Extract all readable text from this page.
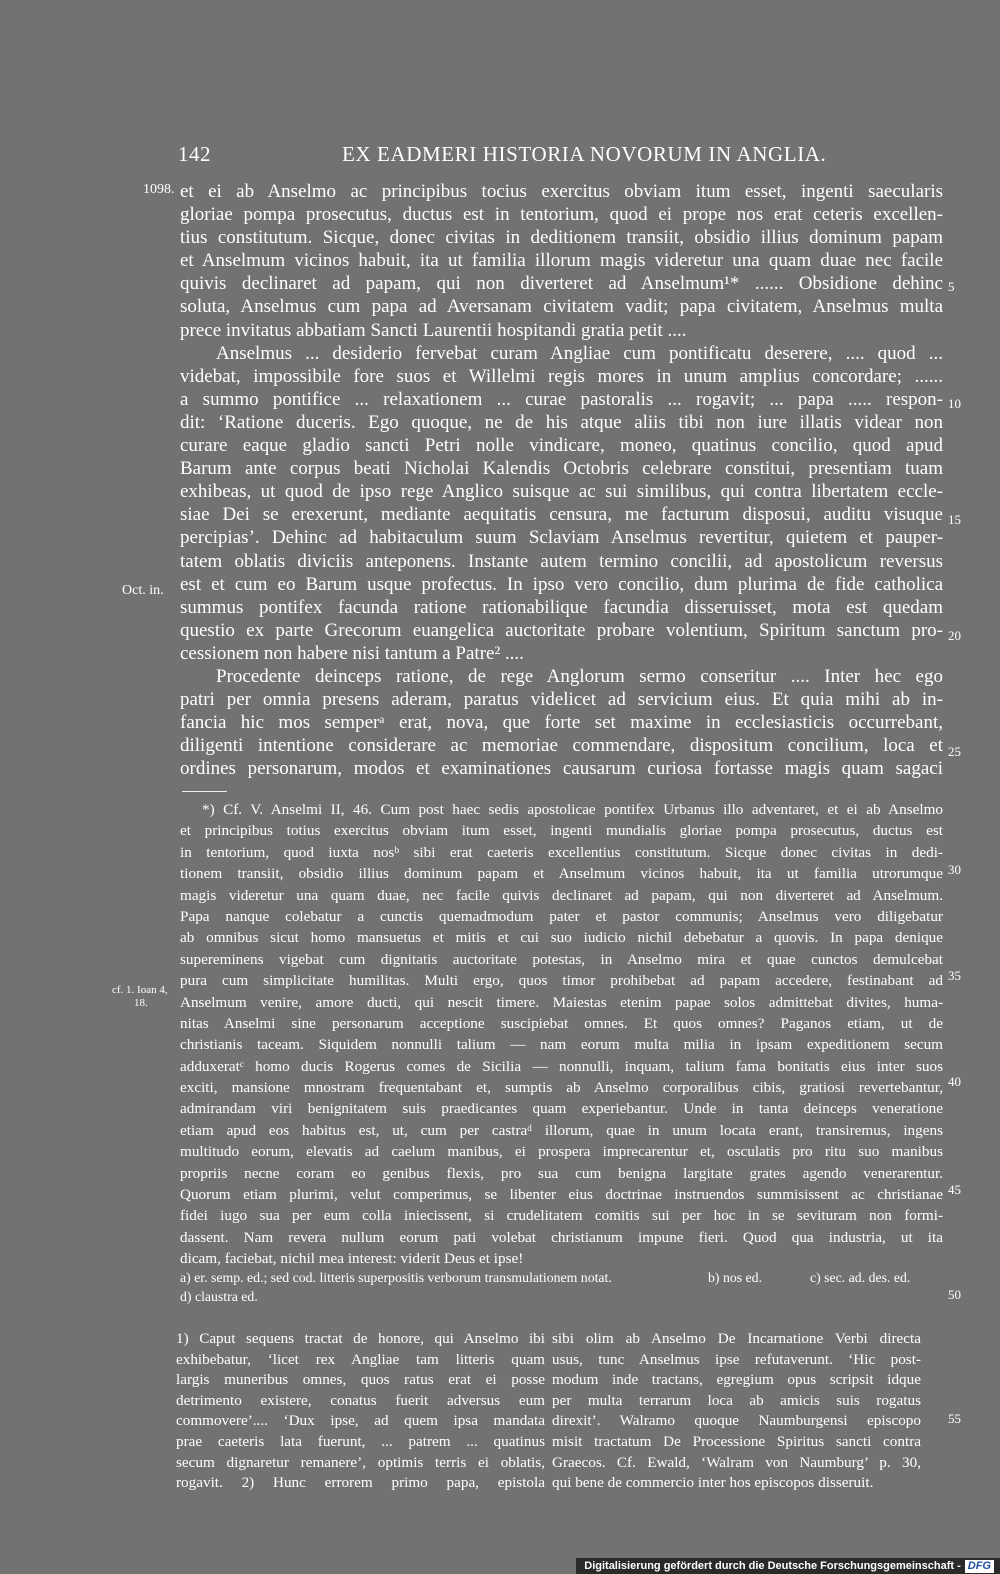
142	EX EADMERI HISTORIA NOVORUM IN ANGLIA.
1098.
Oct. in.
cf. 1. Ioan 4,
18.
et ei ab Anselmo ac principibus tocius exercitus obviam itum esset, ingenti saecularis
gloriae pompa prosecutus, ductus est in tentorium, quod ei prope nos erat ceteris excellen-
tius constitutum. Sicque, donec civitas in deditionem transiit, obsidio illius dominum papam
et Anselmum vicinos habuit, ita ut familia illorum magis videretur una quam duae nec facile
quivis declinaret ad papam, qui non diverteret ad Anselmum¹* ...... Obsidione dehinc
soluta, Anselmus cum papa ad Aversanam civitatem vadit; papa civitatem, Anselmus multa
prece invitatus abbatiam Sancti Laurentii hospitandi gratia petit ....
Anselmus ... desiderio fervebat curam Angliae cum pontificatu deserere, .... quod ...
videbat, impossibile fore suos et Willelmi regis mores in unum amplius concordare; ......
a summo pontifice ... relaxationem ... curae pastoralis ... rogavit; ... papa ..... respon-
dit: ‘Ratione duceris. Ego quoque, ne de his atque aliis tibi non iure illatis videar non
curare eaque gladio sancti Petri nolle vindicare, moneo, quatinus concilio, quod apud
Barum ante corpus beati Nicholai Kalendis Octobris celebrare constitui, presentiam tuam
exhibeas, ut quod de ipso rege Anglico suisque ac sui similibus, qui contra libertatem eccle-
siae Dei se erexerunt, mediante aequitatis censura, me facturum disposui, auditu visuque
percipias’. Dehinc ad habitaculum suum Sclaviam Anselmus revertitur, quietem et pauper-
tatem oblatis diviciis anteponens. Instante autem termino concilii, ad apostolicum reversus
est et cum eo Barum usque profectus. In ipso vero concilio, dum plurima de fide catholica
summus pontifex facunda ratione rationabilique facundia disseruisset, mota est quedam
questio ex parte Grecorum euangelica auctoritate probare volentium, Spiritum sanctum pro-
cessionem non habere nisi tantum a Patre² ....
Procedente deinceps ratione, de rege Anglorum sermo conseritur .... Inter hec ego
patri per omnia presens aderam, paratus videlicet ad servicium eius. Et quia mihi ab in-
fancia hic mos semperᵃ erat, nova, que forte set maxime in ecclesiasticis occurrebant,
diligenti intentione considerare ac memoriae commendare, dispositum concilium, loca et
ordines personarum, modos et examinationes causarum curiosa fortasse magis quam sagaci
*) Cf. V. Anselmi II, 46. Cum post haec sedis apostolicae pontifex Urbanus illo adventaret, et ei ab Anselmo
et principibus totius exercitus obviam itum esset, ingenti mundialis gloriae pompa prosecutus, ductus est
in tentorium, quod iuxta nosᵇ sibi erat caeteris excellentius constitutum. Sicque donec civitas in dedi-
tionem transiit, obsidio illius dominum papam et Anselmum vicinos habuit, ita ut familia utrorumque
magis videretur una quam duae, nec facile quivis declinaret ad papam, qui non diverteret ad Anselmum.
Papa nanque colebatur a cunctis quemadmodum pater et pastor communis; Anselmus vero diligebatur
ab omnibus sicut homo mansuetus et mitis et cui suo iudicio nichil debebatur a quovis. In papa denique
supereminens vigebat cum dignitatis auctoritate potestas, in Anselmo mira et quae cunctos demulcebat
pura cum simplicitate humilitas. Multi ergo, quos timor prohibebat ad papam accedere, festinabant ad
Anselmum venire, amore ducti, qui nescit timere. Maiestas etenim papae solos admittebat divites, huma-
nitas Anselmi sine personarum acceptione suscipiebat omnes. Et quos omnes? Paganos etiam, ut de
christianis taceam. Siquidem nonnulli talium — nam eorum multa milia in ipsam expeditionem secum
adduxeratᶜ homo ducis Rogerus comes de Sicilia — nonnulli, inquam, talium fama bonitatis eius inter suos
exciti, mansione mnostram frequentabant et, sumptis ab Anselmo corporalibus cibis, gratiosi revertebantur,
admirandam viri benignitatem suis praedicantes quam experiebantur. Unde in tanta deinceps veneratione
etiam apud eos habitus est, ut, cum per castraᵈ illorum, quae in unum locata erant, transiremus, ingens
multitudo eorum, elevatis ad caelum manibus, ei prospera imprecarentur et, osculatis pro ritu suo manibus
propriis necne coram eo genibus flexis, pro sua cum benigna largitate grates agendo venerarentur.
Quorum etiam plurimi, velut comperimus, se libenter eius doctrinae instruendos summisissent ac christianae
fidei iugo sua per eum colla iniecissent, si crudelitatem comitis sui per hoc in se sevituram non formi-
dassent. Nam revera nullum eorum pati volebat christianum impune fieri. Quod qua industria, ut ita
dicam, faciebat, nichil mea interest: viderit Deus et ipse!
a) er. semp. ed.; sed cod. litteris superpositis verborum transmulationem notat.	b) nos ed.	c) sec. ad. des. ed.
d) claustra ed.
1) Caput sequens tractat de honore, qui Anselmo ibi
exhibebatur, ‘licet rex Angliae tam litteris quam
largis muneribus omnes, quos ratus erat ei posse
detrimento existere, conatus fuerit adversus eum
commovere’.... ‘Dux ipse, ad quem ipsa mandata
prae caeteris lata fuerunt, ... patrem ... quatinus
secum dignaretur remanere’, optimis terris ei oblatis,
rogavit. 2) Hunc errorem primo papa, epistola
sibi olim ab Anselmo De Incarnatione Verbi directa
usus, tunc Anselmus ipse refutaverunt. ‘Hic post-
modum inde tractans, egregium opus scripsit idque
per multa terrarum loca ab amicis suis rogatus
direxit’. Walramo quoque Naumburgensi episcopo
misit tractatum De Processione Spiritus sancti contra
Graecos. Cf. Ewald, ‘Walram von Naumburg’ p. 30,
qui bene de commercio inter hos episcopos disseruit.
5
10
15
20
25
30
35
40
45
50
55
Digitalisierung gefördert durch die Deutsche Forschungsgemeinschaft - DFG
